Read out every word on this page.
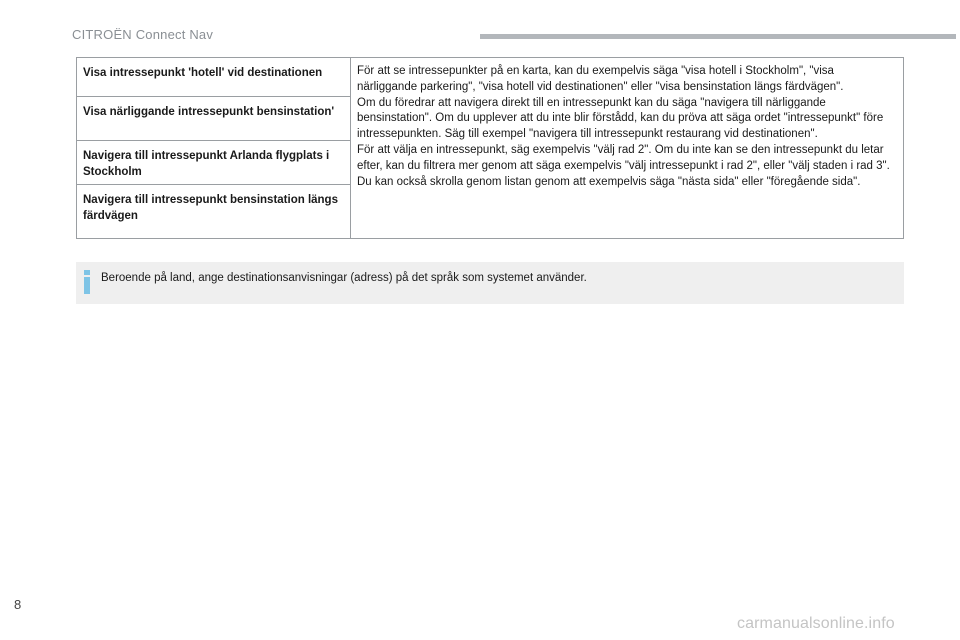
CITROËN Connect Nav
Visa intressepunkt 'hotell' vid destinationen
Visa närliggande intressepunkt bensinstation'
Navigera till intressepunkt Arlanda flygplats i Stockholm
Navigera till intressepunkt bensinstation längs färdvägen

För att se intressepunkter på en karta, kan du exempelvis säga "visa hotell i Stockholm", "visa närliggande parkering", "visa hotell vid destinationen" eller "visa bensinstation längs färdvägen".

Om du föredrar att navigera direkt till en intressepunkt kan du säga "navigera till närliggande bensinstation". Om du upplever att du inte blir förstådd, kan du pröva att säga ordet "intressepunkt" före intressepunkten. Säg till exempel "navigera till intressepunkt restaurang vid destinationen".

För att välja en intressepunkt, säg exempelvis "välj rad 2". Om du inte kan se den intressepunkt du letar efter, kan du filtrera mer genom att säga exempelvis "välj intressepunkt i rad 2", eller "välj staden i rad 3". Du kan också skrolla genom listan genom att exempelvis säga "nästa sida" eller "föregående sida".

Beroende på land, ange destinationsanvisningar (adress) på det språk som systemet använder.
8
carmanualsonline.info
